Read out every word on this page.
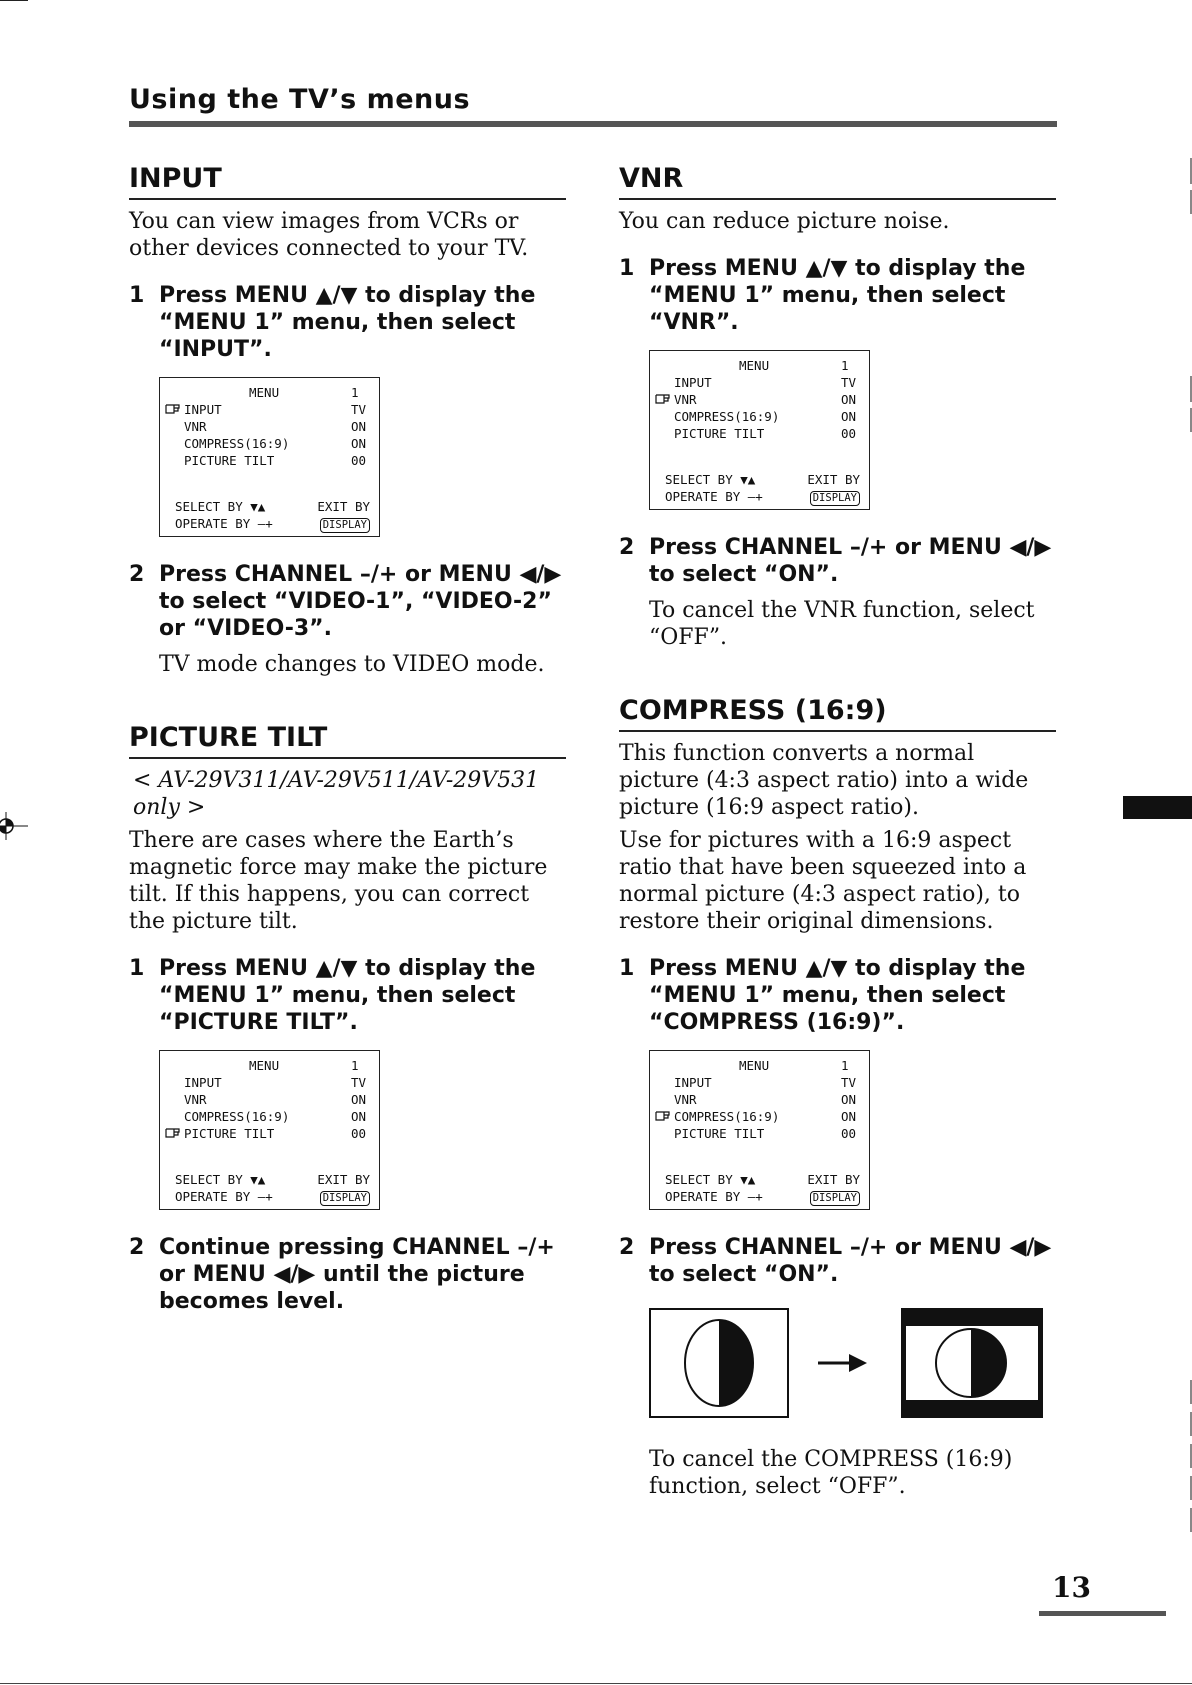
Using the TV’s menus
INPUT
You can view images from VCRs or other devices connected to your TV.
1 Press MENU ▲/▼ to display the “MENU 1” menu, then select “INPUT”.
MENU	1
INPUT	TV
VNR	ON
COMPRESS(16:9)	ON
PICTURE TILT	00
SELECT BY ▼▲	EXIT BY
OPERATE BY –+	DISPLAY
2 Press CHANNEL –/+ or MENU ◀/▶ to select “VIDEO-1”, “VIDEO-2” or “VIDEO-3”.
TV mode changes to VIDEO mode.
PICTURE TILT
< AV-29V311/AV-29V511/AV-29V531 only >
There are cases where the Earth’s magnetic force may make the picture tilt. If this happens, you can correct the picture tilt.
1 Press MENU ▲/▼ to display the “MENU 1” menu, then select “PICTURE TILT”.
MENU	1
INPUT	TV
VNR	ON
COMPRESS(16:9)	ON
PICTURE TILT	00
SELECT BY ▼▲	EXIT BY
OPERATE BY –+	DISPLAY
2 Continue pressing CHANNEL –/+ or MENU ◀/▶ until the picture becomes level.
VNR
You can reduce picture noise.
1 Press MENU ▲/▼ to display the “MENU 1” menu, then select “VNR”.
MENU	1
INPUT	TV
VNR	ON
COMPRESS(16:9)	ON
PICTURE TILT	00
SELECT BY ▼▲	EXIT BY
OPERATE BY –+	DISPLAY
2 Press CHANNEL –/+ or MENU ◀/▶ to select “ON”.
To cancel the VNR function, select “OFF”.
COMPRESS (16:9)
This function converts a normal picture (4:3 aspect ratio) into a wide picture (16:9 aspect ratio).
Use for pictures with a 16:9 aspect ratio that have been squeezed into a normal picture (4:3 aspect ratio), to restore their original dimensions.
1 Press MENU ▲/▼ to display the “MENU 1” menu, then select “COMPRESS (16:9)”.
MENU	1
INPUT	TV
VNR	ON
COMPRESS(16:9)	ON
PICTURE TILT	00
SELECT BY ▼▲	EXIT BY
OPERATE BY –+	DISPLAY
2 Press CHANNEL –/+ or MENU ◀/▶ to select “ON”.
To cancel the COMPRESS (16:9) function, select “OFF”.
13
